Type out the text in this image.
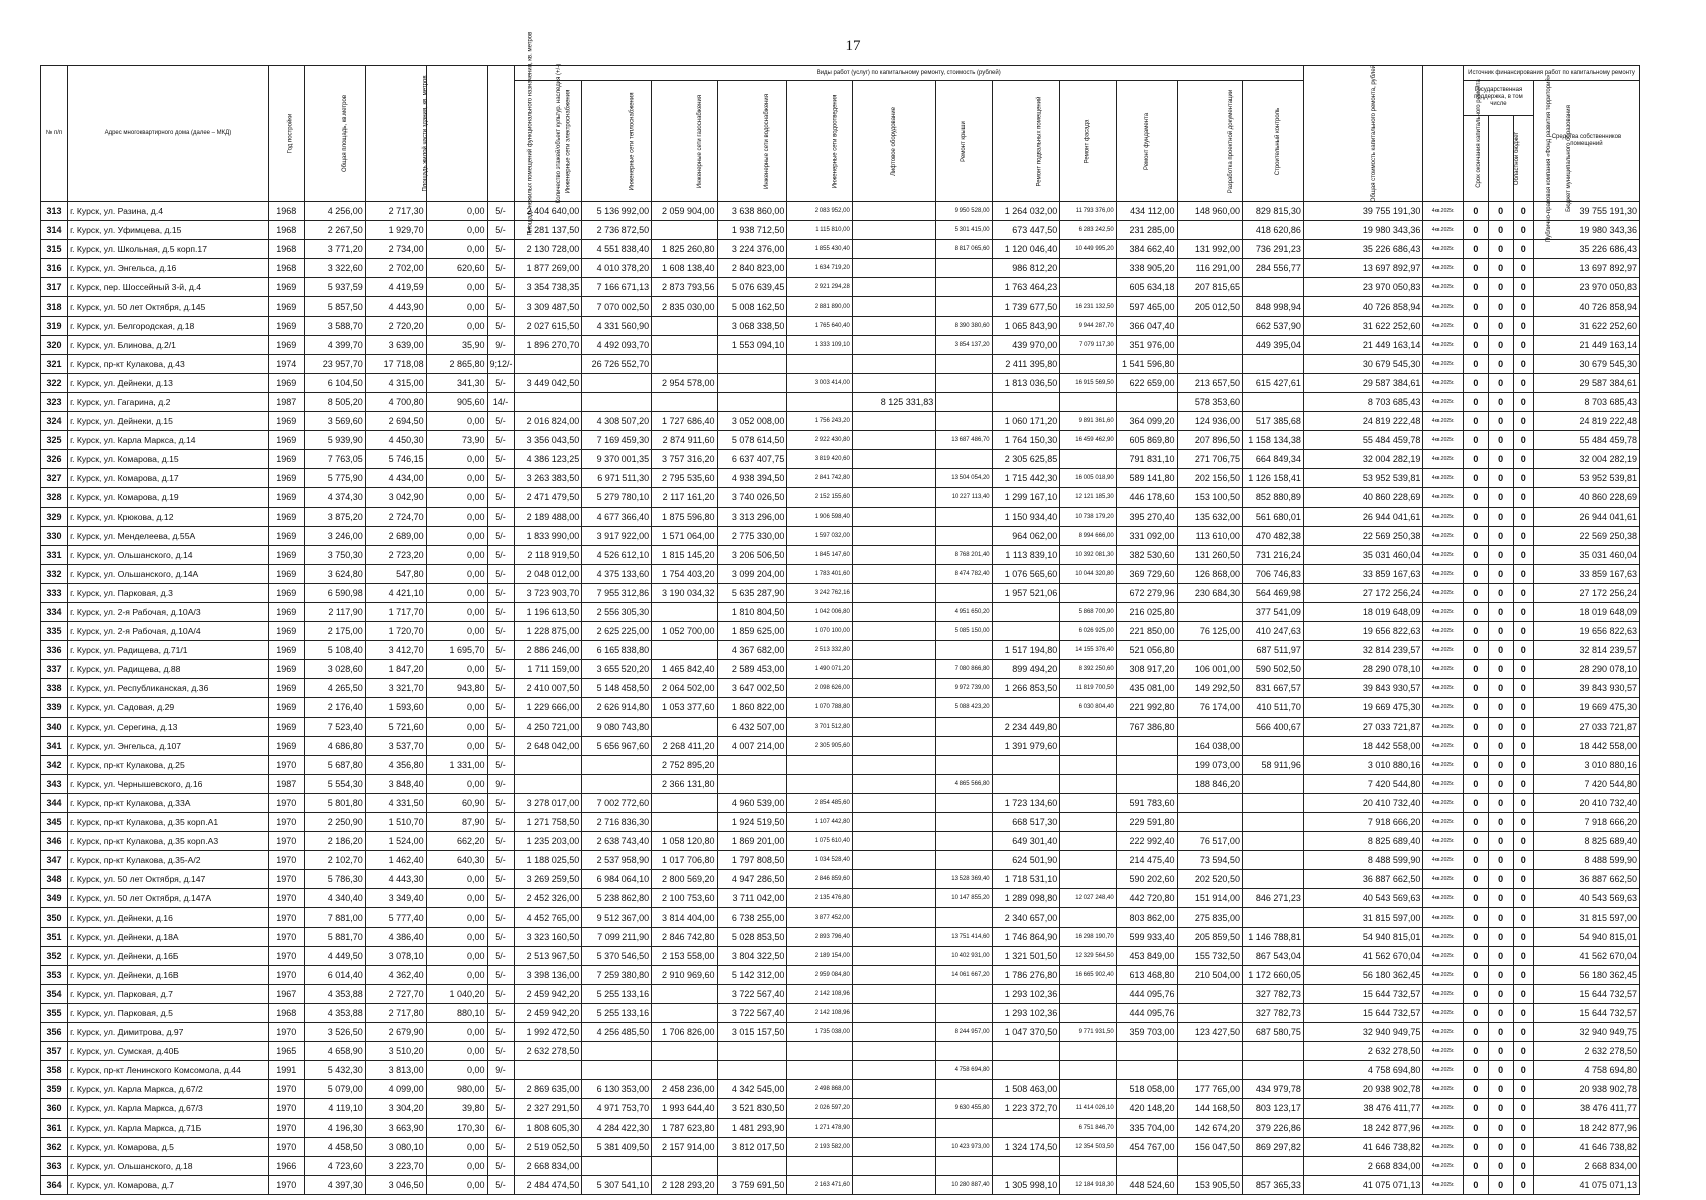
17
№ п/п	Адрес многоквартирного дома (далее – МКД)	Год постройки	Общая площадь, кв.метров	Площадь жилой части здания, кв. метров	Площадь нежилых помещений функционального назначения, кв. метров	Количество этажей/объект культур. наследия (+/-)	Виды работ (услуг) по капитальному ремонту, стоимость (рублей)												Общая стоимость капитального ремонта, рублей	Срок окончания капитального ремонта	Источник финансирования работ по капитальному ремонту			
							Инженерные сети электроснабжения	Инженерные сети теплоснабжения	Инженерные сети газоснабжения	Инженерные сети водоснабжения	Инженерные сети водоотведения	Лифтовое оборудование	Ремонт крыши	Ремонт подвальных помещений	Ремонт фасада	Ремонт фундамента	Разработка проектной документации	Строительный контроль			Государственная поддержка, в том числе			Средства собственников помещений
																					Публично-правовая компания «Фонд развития территорий»	Областной бюджет	Бюджет муниципального образования	
313	г. Курск, ул. Разина, д.4	1968	4 256,00	2 717,30	0,00	5/-	2 404 640,00	5 136 992,00	2 059 904,00	3 638 860,00	2 083 952,00		9 950 528,00	1 264 032,00	11 793 376,00	434 112,00	148 960,00	829 815,30	39 755 191,30	4кв.2025г.	0	0	0	39 755 191,30
314	г. Курск, ул. Уфимцева, д.15	1968	2 267,50	1 929,70	0,00	5/-	1 281 137,50	2 736 872,50		1 938 712,50	1 115 810,00		5 301 415,00	673 447,50	6 283 242,50	231 285,00		418 620,86	19 980 343,36	4кв.2025г.	0	0	0	19 980 343,36
315	г. Курск, ул. Школьная, д.5 корп.17	1968	3 771,20	2 734,00	0,00	5/-	2 130 728,00	4 551 838,40	1 825 260,80	3 224 376,00	1 855 430,40		8 817 065,60	1 120 046,40	10 449 995,20	384 662,40	131 992,00	736 291,23	35 226 686,43	4кв.2025г.	0	0	0	35 226 686,43
316	г. Курск, ул. Энгельса, д.16	1968	3 322,60	2 702,00	620,60	5/-	1 877 269,00	4 010 378,20	1 608 138,40	2 840 823,00	1 634 719,20			986 812,20		338 905,20	116 291,00	284 556,77	13 697 892,97	4кв.2025г.	0	0	0	13 697 892,97
317	г. Курск, пер. Шоссейный 3-й, д.4	1969	5 937,59	4 419,59	0,00	5/-	3 354 738,35	7 166 671,13	2 873 793,56	5 076 639,45	2 921 294,28			1 763 464,23		605 634,18	207 815,65		23 970 050,83	4кв.2025г.	0	0	0	23 970 050,83
318	г. Курск, ул. 50 лет Октября, д.145	1969	5 857,50	4 443,90	0,00	5/-	3 309 487,50	7 070 002,50	2 835 030,00	5 008 162,50	2 881 890,00			1 739 677,50	16 231 132,50	597 465,00	205 012,50	848 998,94	40 726 858,94	4кв.2025г.	0	0	0	40 726 858,94
319	г. Курск, ул. Белгородская, д.18	1969	3 588,70	2 720,20	0,00	5/-	2 027 615,50	4 331 560,90		3 068 338,50	1 765 640,40		8 390 380,60	1 065 843,90	9 944 287,70	366 047,40		662 537,90	31 622 252,60	4кв.2025г.	0	0	0	31 622 252,60
320	г. Курск, ул. Блинова, д.2/1	1969	4 399,70	3 639,00	35,90	9/-	1 896 270,70	4 492 093,70		1 553 094,10	1 333 109,10		3 854 137,20	439 970,00	7 079 117,30	351 976,00		449 395,04	21 449 163,14	4кв.2025г.	0	0	0	21 449 163,14
321	г. Курск, пр-кт Кулакова, д.43	1974	23 957,70	17 718,08	2 865,80	9;12/-		26 726 552,70						2 411 395,80		1 541 596,80			30 679 545,30	4кв.2025г.	0	0	0	30 679 545,30
322	г. Курск, ул. Дейнеки, д.13	1969	6 104,50	4 315,00	341,30	5/-	3 449 042,50		2 954 578,00		3 003 414,00			1 813 036,50	16 915 569,50	622 659,00	213 657,50	615 427,61	29 587 384,61	4кв.2025г.	0	0	0	29 587 384,61
323	г. Курск, ул. Гагарина, д.2	1987	8 505,20	4 700,80	905,60	14/-						8 125 331,83					578 353,60		8 703 685,43	4кв.2025г.	0	0	0	8 703 685,43
324	г. Курск, ул. Дейнеки, д.15	1969	3 569,60	2 694,50	0,00	5/-	2 016 824,00	4 308 507,20	1 727 686,40	3 052 008,00	1 756 243,20			1 060 171,20	9 891 361,60	364 099,20	124 936,00	517 385,68	24 819 222,48	4кв.2025г.	0	0	0	24 819 222,48
325	г. Курск, ул. Карла Маркса, д.14	1969	5 939,90	4 450,30	73,90	5/-	3 356 043,50	7 169 459,30	2 874 911,60	5 078 614,50	2 922 430,80		13 687 486,70	1 764 150,30	16 459 462,90	605 869,80	207 896,50	1 158 134,38	55 484 459,78	4кв.2025г.	0	0	0	55 484 459,78
326	г. Курск, ул. Комарова, д.15	1969	7 763,05	5 746,15	0,00	5/-	4 386 123,25	9 370 001,35	3 757 316,20	6 637 407,75	3 819 420,60			2 305 625,85		791 831,10	271 706,75	664 849,34	32 004 282,19	4кв.2025г.	0	0	0	32 004 282,19
327	г. Курск, ул. Комарова, д.17	1969	5 775,90	4 434,00	0,00	5/-	3 263 383,50	6 971 511,30	2 795 535,60	4 938 394,50	2 841 742,80		13 504 054,20	1 715 442,30	16 005 018,90	589 141,80	202 156,50	1 126 158,41	53 952 539,81	4кв.2025г.	0	0	0	53 952 539,81
328	г. Курск, ул. Комарова, д.19	1969	4 374,30	3 042,90	0,00	5/-	2 471 479,50	5 279 780,10	2 117 161,20	3 740 026,50	2 152 155,60		10 227 113,40	1 299 167,10	12 121 185,30	446 178,60	153 100,50	852 880,89	40 860 228,69	4кв.2025г.	0	0	0	40 860 228,69
329	г. Курск, ул. Крюкова, д.12	1969	3 875,20	2 724,70	0,00	5/-	2 189 488,00	4 677 366,40	1 875 596,80	3 313 296,00	1 906 598,40			1 150 934,40	10 738 179,20	395 270,40	135 632,00	561 680,01	26 944 041,61	4кв.2025г.	0	0	0	26 944 041,61
330	г. Курск, ул. Менделеева, д.55А	1969	3 246,00	2 689,00	0,00	5/-	1 833 990,00	3 917 922,00	1 571 064,00	2 775 330,00	1 597 032,00			964 062,00	8 994 666,00	331 092,00	113 610,00	470 482,38	22 569 250,38	4кв.2025г.	0	0	0	22 569 250,38
331	г. Курск, ул. Ольшанского, д.14	1969	3 750,30	2 723,20	0,00	5/-	2 118 919,50	4 526 612,10	1 815 145,20	3 206 506,50	1 845 147,60		8 768 201,40	1 113 839,10	10 392 081,30	382 530,60	131 260,50	731 216,24	35 031 460,04	4кв.2025г.	0	0	0	35 031 460,04
332	г. Курск, ул. Ольшанского, д.14А	1969	3 624,80	547,80	0,00	5/-	2 048 012,00	4 375 133,60	1 754 403,20	3 099 204,00	1 783 401,60		8 474 782,40	1 076 565,60	10 044 320,80	369 729,60	126 868,00	706 746,83	33 859 167,63	4кв.2025г.	0	0	0	33 859 167,63
333	г. Курск, ул. Парковая, д.3	1969	6 590,98	4 421,10	0,00	5/-	3 723 903,70	7 955 312,86	3 190 034,32	5 635 287,90	3 242 762,16			1 957 521,06		672 279,96	230 684,30	564 469,98	27 172 256,24	4кв.2025г.	0	0	0	27 172 256,24
334	г. Курск, ул. 2-я Рабочая, д.10А/3	1969	2 117,90	1 717,70	0,00	5/-	1 196 613,50	2 556 305,30		1 810 804,50	1 042 006,80		4 951 650,20		5 868 700,90	216 025,80		377 541,09	18 019 648,09	4кв.2025г.	0	0	0	18 019 648,09
335	г. Курск, ул. 2-я Рабочая, д.10А/4	1969	2 175,00	1 720,70	0,00	5/-	1 228 875,00	2 625 225,00	1 052 700,00	1 859 625,00	1 070 100,00		5 085 150,00		6 026 925,00	221 850,00	76 125,00	410 247,63	19 656 822,63	4кв.2025г.	0	0	0	19 656 822,63
336	г. Курск, ул. Радищева, д.71/1	1969	5 108,40	3 412,70	1 695,70	5/-	2 886 246,00	6 165 838,80		4 367 682,00	2 513 332,80			1 517 194,80	14 155 376,40	521 056,80		687 511,97	32 814 239,57	4кв.2025г.	0	0	0	32 814 239,57
337	г. Курск, ул. Радищева, д.88	1969	3 028,60	1 847,20	0,00	5/-	1 711 159,00	3 655 520,20	1 465 842,40	2 589 453,00	1 490 071,20		7 080 866,80	899 494,20	8 392 250,60	308 917,20	106 001,00	590 502,50	28 290 078,10	4кв.2025г.	0	0	0	28 290 078,10
338	г. Курск, ул. Республиканская, д.36	1969	4 265,50	3 321,70	943,80	5/-	2 410 007,50	5 148 458,50	2 064 502,00	3 647 002,50	2 098 626,00		9 972 739,00	1 266 853,50	11 819 700,50	435 081,00	149 292,50	831 667,57	39 843 930,57	4кв.2025г.	0	0	0	39 843 930,57
339	г. Курск, ул. Садовая, д.29	1969	2 176,40	1 593,60	0,00	5/-	1 229 666,00	2 626 914,80	1 053 377,60	1 860 822,00	1 070 788,80		5 088 423,20		6 030 804,40	221 992,80	76 174,00	410 511,70	19 669 475,30	4кв.2025г.	0	0	0	19 669 475,30
340	г. Курск, ул. Серегина, д.13	1969	7 523,40	5 721,60	0,00	5/-	4 250 721,00	9 080 743,80		6 432 507,00	3 701 512,80			2 234 449,80		767 386,80		566 400,67	27 033 721,87	4кв.2025г.	0	0	0	27 033 721,87
341	г. Курск, ул. Энгельса, д.107	1969	4 686,80	3 537,70	0,00	5/-	2 648 042,00	5 656 967,60	2 268 411,20	4 007 214,00	2 305 905,60			1 391 979,60			164 038,00		18 442 558,00	4кв.2025г.	0	0	0	18 442 558,00
342	г. Курск, пр-кт Кулакова, д.25	1970	5 687,80	4 356,80	1 331,00	5/-			2 752 895,20								199 073,00	58 911,96	3 010 880,16	4кв.2025г.	0	0	0	3 010 880,16
343	г. Курск, ул. Чернышевского, д.16	1987	5 554,30	3 848,40	0,00	9/-			2 366 131,80				4 865 566,80				188 846,20		7 420 544,80	4кв.2025г.	0	0	0	7 420 544,80
344	г. Курск, пр-кт Кулакова, д.33А	1970	5 801,80	4 331,50	60,90	5/-	3 278 017,00	7 002 772,60		4 960 539,00	2 854 485,60			1 723 134,60		591 783,60			20 410 732,40	4кв.2025г.	0	0	0	20 410 732,40
345	г. Курск, пр-кт Кулакова, д.35 корп.А1	1970	2 250,90	1 510,70	87,90	5/-	1 271 758,50	2 716 836,30		1 924 519,50	1 107 442,80			668 517,30		229 591,80			7 918 666,20	4кв.2025г.	0	0	0	7 918 666,20
346	г. Курск, пр-кт Кулакова, д.35 корп.А3	1970	2 186,20	1 524,00	662,20	5/-	1 235 203,00	2 638 743,40	1 058 120,80	1 869 201,00	1 075 610,40			649 301,40		222 992,40	76 517,00		8 825 689,40	4кв.2025г.	0	0	0	8 825 689,40
347	г. Курск, пр-кт Кулакова, д.35-А/2	1970	2 102,70	1 462,40	640,30	5/-	1 188 025,50	2 537 958,90	1 017 706,80	1 797 808,50	1 034 528,40			624 501,90		214 475,40	73 594,50		8 488 599,90	4кв.2025г.	0	0	0	8 488 599,90
348	г. Курск, ул. 50 лет Октября, д.147	1970	5 786,30	4 443,30	0,00	5/-	3 269 259,50	6 984 064,10	2 800 569,20	4 947 286,50	2 846 859,60		13 528 369,40	1 718 531,10		590 202,60	202 520,50		36 887 662,50	4кв.2025г.	0	0	0	36 887 662,50
349	г. Курск, ул. 50 лет Октября, д.147А	1970	4 340,40	3 349,40	0,00	5/-	2 452 326,00	5 238 862,80	2 100 753,60	3 711 042,00	2 135 476,80		10 147 855,20	1 289 098,80	12 027 248,40	442 720,80	151 914,00	846 271,23	40 543 569,63	4кв.2025г.	0	0	0	40 543 569,63
350	г. Курск, ул. Дейнеки, д.16	1970	7 881,00	5 777,40	0,00	5/-	4 452 765,00	9 512 367,00	3 814 404,00	6 738 255,00	3 877 452,00			2 340 657,00		803 862,00	275 835,00		31 815 597,00	4кв.2025г.	0	0	0	31 815 597,00
351	г. Курск, ул. Дейнеки, д.18А	1970	5 881,70	4 386,40	0,00	5/-	3 323 160,50	7 099 211,90	2 846 742,80	5 028 853,50	2 893 796,40		13 751 414,60	1 746 864,90	16 298 190,70	599 933,40	205 859,50	1 146 788,81	54 940 815,01	4кв.2025г.	0	0	0	54 940 815,01
352	г. Курск, ул. Дейнеки, д.16Б	1970	4 449,50	3 078,10	0,00	5/-	2 513 967,50	5 370 546,50	2 153 558,00	3 804 322,50	2 189 154,00		10 402 931,00	1 321 501,50	12 329 564,50	453 849,00	155 732,50	867 543,04	41 562 670,04	4кв.2025г.	0	0	0	41 562 670,04
353	г. Курск, ул. Дейнеки, д.16В	1970	6 014,40	4 362,40	0,00	5/-	3 398 136,00	7 259 380,80	2 910 969,60	5 142 312,00	2 959 084,80		14 061 667,20	1 786 276,80	16 665 902,40	613 468,80	210 504,00	1 172 660,05	56 180 362,45	4кв.2025г.	0	0	0	56 180 362,45
354	г. Курск, ул. Парковая, д.7	1967	4 353,88	2 727,70	1 040,20	5/-	2 459 942,20	5 255 133,16		3 722 567,40	2 142 108,96			1 293 102,36		444 095,76		327 782,73	15 644 732,57	4кв.2025г.	0	0	0	15 644 732,57
355	г. Курск, ул. Парковая, д.5	1968	4 353,88	2 717,80	880,10	5/-	2 459 942,20	5 255 133,16		3 722 567,40	2 142 108,96			1 293 102,36		444 095,76		327 782,73	15 644 732,57	4кв.2025г.	0	0	0	15 644 732,57
356	г. Курск, ул. Димитрова, д.97	1970	3 526,50	2 679,90	0,00	5/-	1 992 472,50	4 256 485,50	1 706 826,00	3 015 157,50	1 735 038,00		8 244 957,00	1 047 370,50	9 771 931,50	359 703,00	123 427,50	687 580,75	32 940 949,75	4кв.2025г.	0	0	0	32 940 949,75
357	г. Курск, ул. Сумская, д.40Б	1965	4 658,90	3 510,20	0,00	5/-	2 632 278,50												2 632 278,50	4кв.2025г.	0	0	0	2 632 278,50
358	г. Курск, пр-кт Ленинского Комсомола, д.44	1991	5 432,30	3 813,00	0,00	9/-							4 758 694,80						4 758 694,80	4кв.2025г.	0	0	0	4 758 694,80
359	г. Курск, ул. Карла Маркса, д.67/2	1970	5 079,00	4 099,00	980,00	5/-	2 869 635,00	6 130 353,00	2 458 236,00	4 342 545,00	2 498 868,00			1 508 463,00		518 058,00	177 765,00	434 979,78	20 938 902,78	4кв.2025г.	0	0	0	20 938 902,78
360	г. Курск, ул. Карла Маркса, д.67/3	1970	4 119,10	3 304,20	39,80	5/-	2 327 291,50	4 971 753,70	1 993 644,40	3 521 830,50	2 026 597,20		9 630 455,80	1 223 372,70	11 414 026,10	420 148,20	144 168,50	803 123,17	38 476 411,77	4кв.2025г.	0	0	0	38 476 411,77
361	г. Курск, ул. Карла Маркса, д.71Б	1970	4 196,30	3 663,90	170,30	6/-	1 808 605,30	4 284 422,30	1 787 623,80	1 481 293,90	1 271 478,90				6 751 846,70	335 704,00	142 674,20	379 226,86	18 242 877,96	4кв.2025г.	0	0	0	18 242 877,96
362	г. Курск, ул. Комарова, д.5	1970	4 458,50	3 080,10	0,00	5/-	2 519 052,50	5 381 409,50	2 157 914,00	3 812 017,50	2 193 582,00		10 423 973,00	1 324 174,50	12 354 503,50	454 767,00	156 047,50	869 297,82	41 646 738,82	4кв.2025г.	0	0	0	41 646 738,82
363	г. Курск, ул. Ольшанского, д.18	1966	4 723,60	3 223,70	0,00	5/-	2 668 834,00												2 668 834,00	4кв.2025г.	0	0	0	2 668 834,00
364	г. Курск, ул. Комарова, д.7	1970	4 397,30	3 046,50	0,00	5/-	2 484 474,50	5 307 541,10	2 128 293,20	3 759 691,50	2 163 471,60		10 280 887,40	1 305 998,10	12 184 918,30	448 524,60	153 905,50	857 365,33	41 075 071,13	4кв.2025г.	0	0	0	41 075 071,13
